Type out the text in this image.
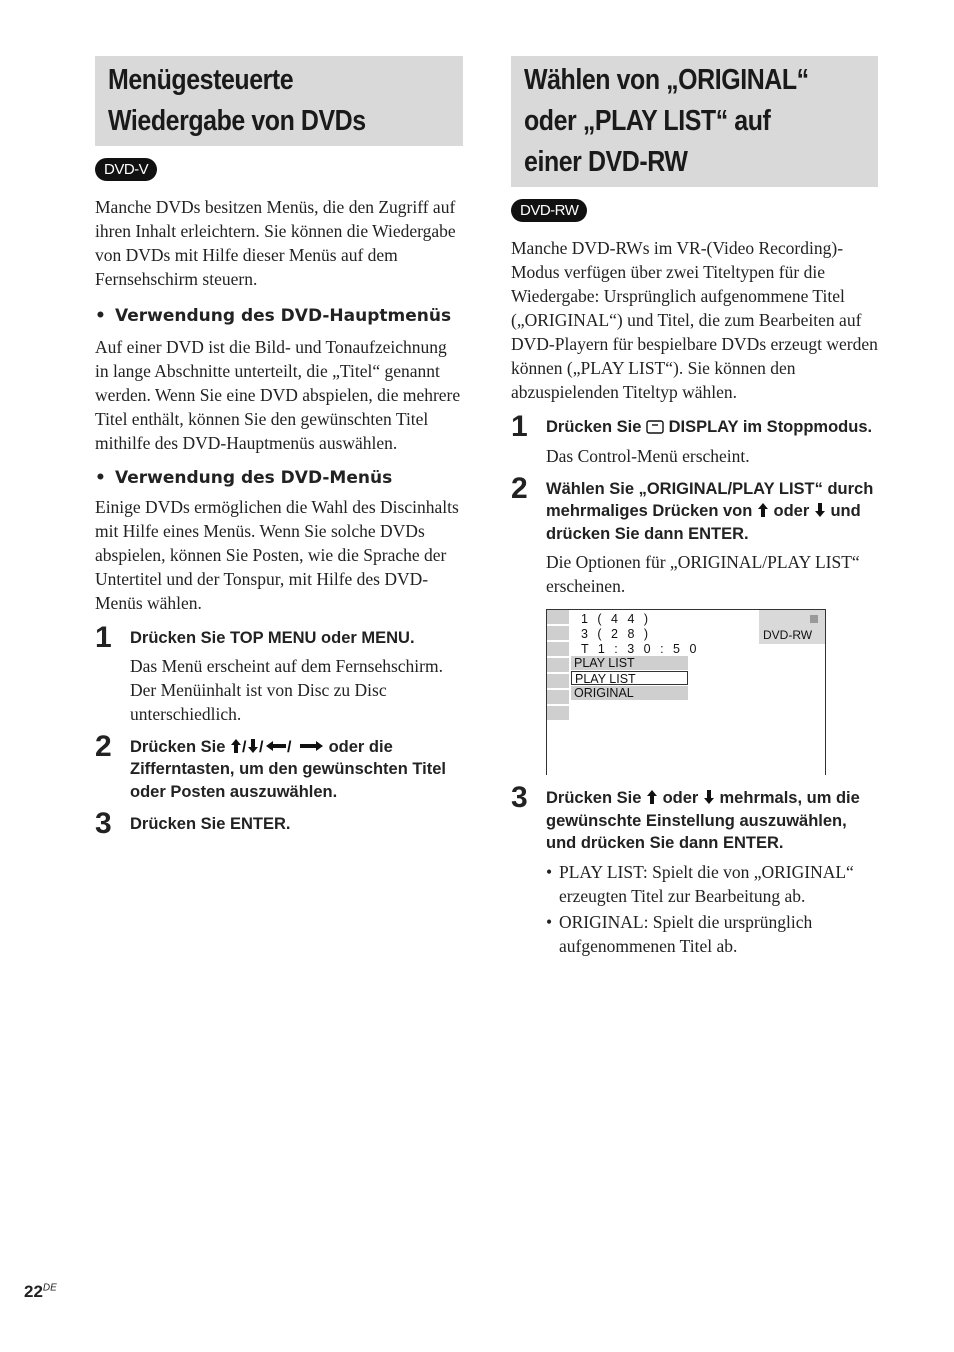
Menügesteuerte
Wiedergabe von DVDs
DVD-V

Manche DVDs besitzen Menüs, die den Zugriff auf ihren Inhalt erleichtern. Sie können die Wiedergabe von DVDs mit Hilfe dieser Menüs auf dem Fernsehschirm steuern.

• Verwendung des DVD-Hauptmenüs

Auf einer DVD ist die Bild- und Tonaufzeichnung in lange Abschnitte unterteilt, die „Titel“ genannt werden. Wenn Sie eine DVD abspielen, die mehrere Titel enthält, können Sie den gewünschten Titel mithilfe des DVD-Hauptmenüs auswählen.

• Verwendung des DVD-Menüs

Einige DVDs ermöglichen die Wahl des Discinhalts mit Hilfe eines Menüs. Wenn Sie solche DVDs abspielen, können Sie Posten, wie die Sprache der Untertitel und der Tonspur, mit Hilfe des DVD-Menüs wählen.

1 Drücken Sie TOP MENU oder MENU.

Das Menü erscheint auf dem Fernsehschirm. Der Menüinhalt ist von Disc zu Disc unterschiedlich.

2 Drücken Sie / / / oder die Zifferntasten, um den gewünschten Titel oder Posten auszuwählen.

3 Drücken Sie ENTER.

Wählen von „ORIGINAL“
oder „PLAY LIST“ auf
einer DVD-RW
DVD-RW

Manche DVD-RWs im VR-(Video Recording)-Modus verfügen über zwei Titeltypen für die Wiedergabe: Ursprünglich aufgenommene Titel („ORIGINAL“) und Titel, die zum Bearbeiten auf DVD-Playern für bespielbare DVDs erzeugt werden können („PLAY LIST“). Sie können den abzuspielenden Titeltyp wählen.

1 Drücken Sie DISPLAY im Stoppmodus.

Das Control-Menü erscheint.

2 Wählen Sie „ORIGINAL/PLAY LIST“ durch mehrmaliges Drücken von oder und drücken Sie dann ENTER.

Die Optionen für „ORIGINAL/PLAY LIST“ erscheinen.

1 ( 4 4 )
3 ( 2 8 )
T 1 : 3 0 : 5 0
PLAY LIST
PLAY LIST
ORIGINAL
DVD-RW
3 Drücken Sie oder mehrmals, um die gewünschte Einstellung auszuwählen, und drücken Sie dann ENTER.

• PLAY LIST: Spielt die von „ORIGINAL“ erzeugten Titel zur Bearbeitung ab.

• ORIGINAL: Spielt die ursprünglich aufgenommenen Titel ab.

22DE
